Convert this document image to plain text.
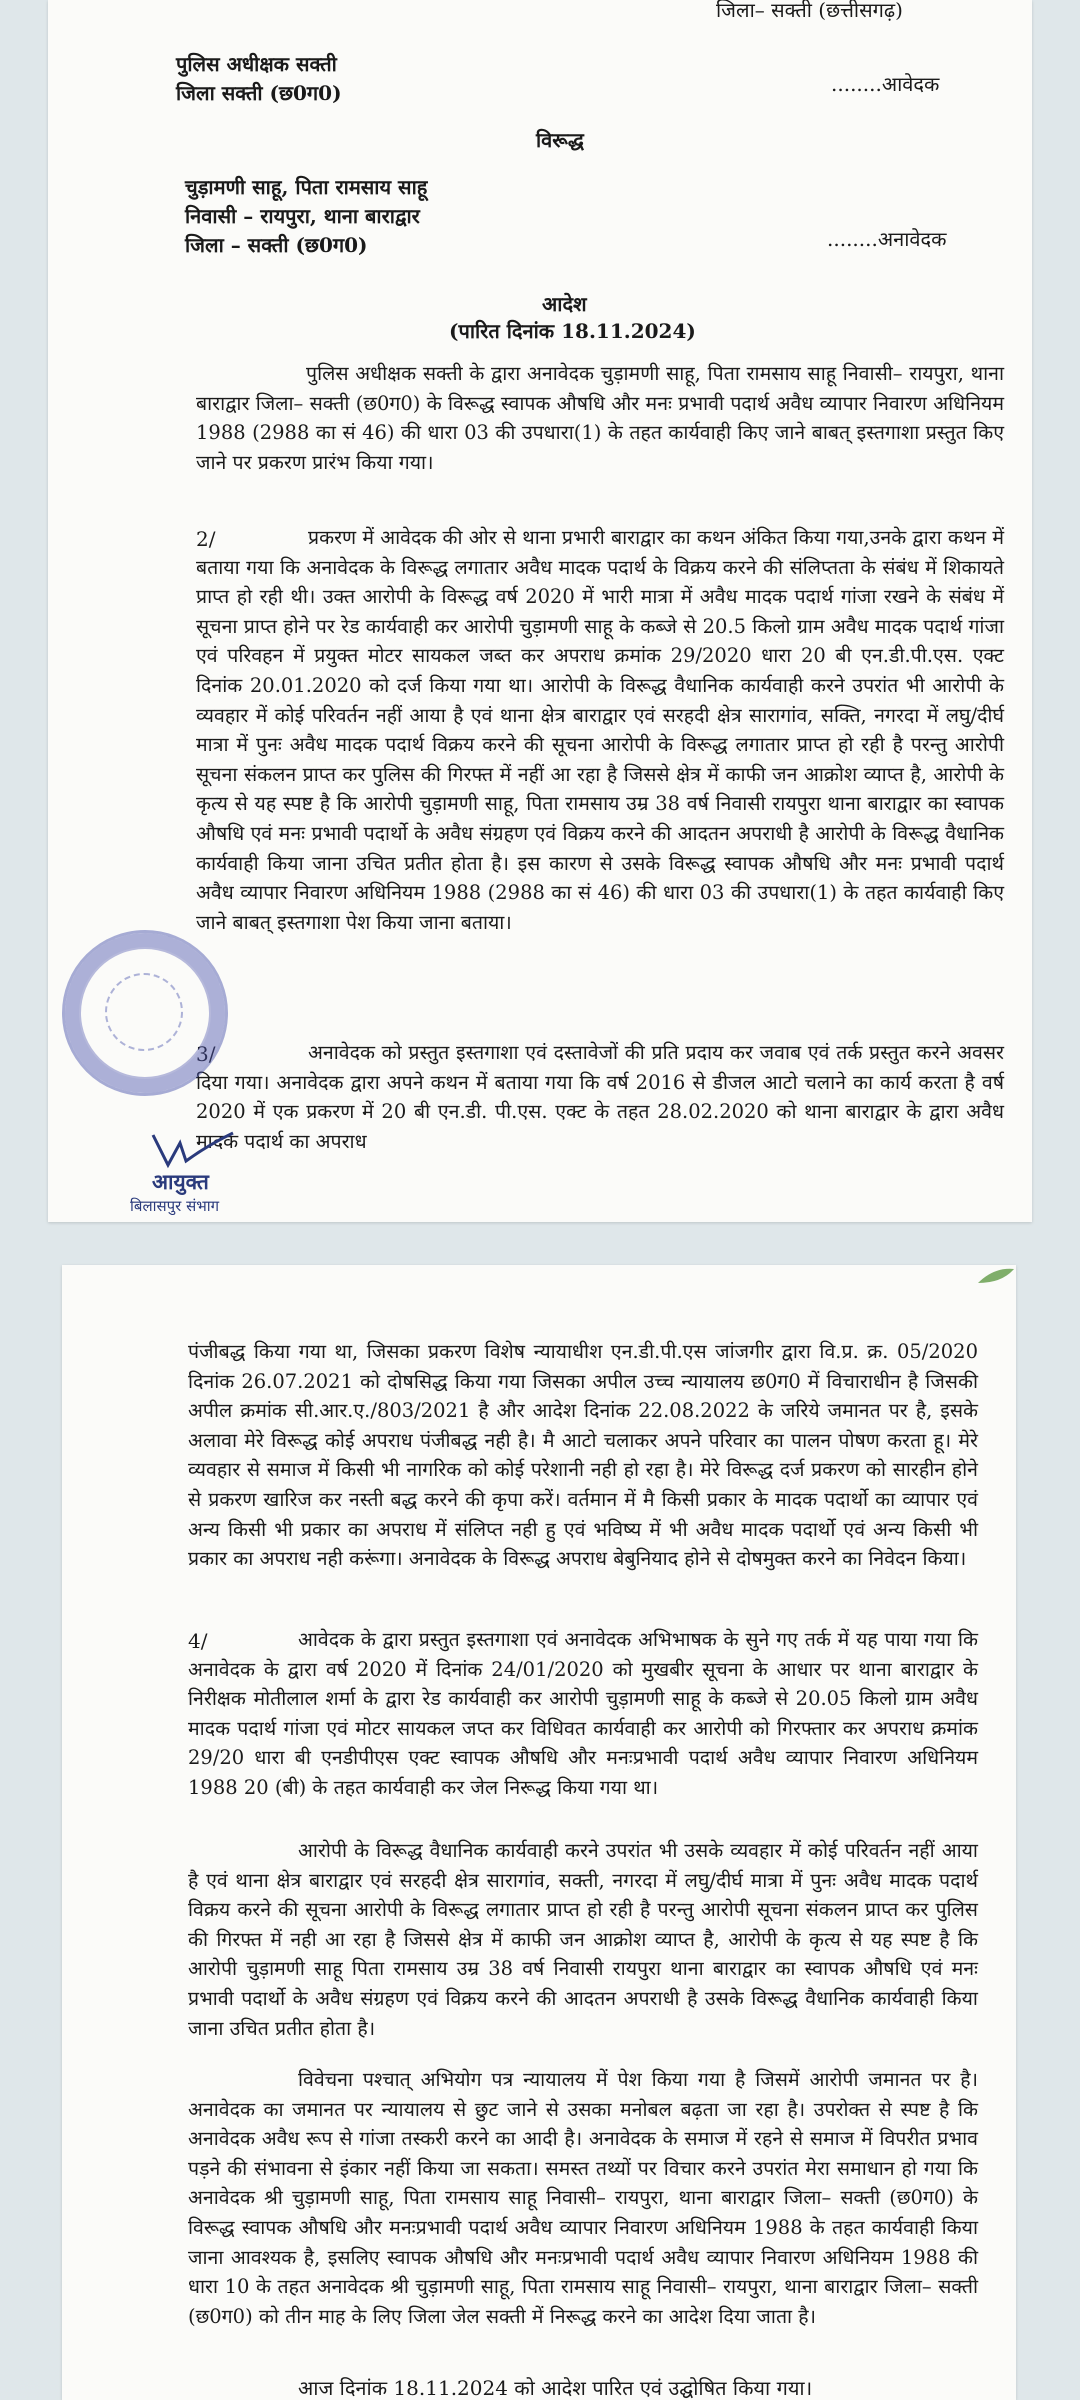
जिला– सक्ती (छत्तीसगढ़)
पुलिस अधीक्षक सक्ती
जिला सक्ती (छ0ग0)	........आवेदक
विरूद्ध
चुड़ामणी साहू, पिता रामसाय साहू
निवासी – रायपुरा, थाना बाराद्वार
जिला – सक्ती (छ0ग0)	........अनावेदक
आदेश
(पारित दिनांक 18.11.2024)

पुलिस अधीक्षक सक्ती के द्वारा अनावेदक चुड़ामणी साहू, पिता रामसाय साहू निवासी– रायपुरा, थाना बाराद्वार जिला– सक्ती (छ0ग0) के विरूद्ध स्वापक औषधि और मनः प्रभावी पदार्थ अवैध व्यापार निवारण अधिनियम 1988 (2988 का सं 46) की धारा 03 की उपधारा(1) के तहत कार्यवाही किए जाने बाबत् इस्तगाशा प्रस्तुत किए जाने पर प्रकरण प्रारंभ किया गया।

2/	प्रकरण में आवेदक की ओर से थाना प्रभारी बाराद्वार का कथन अंकित किया गया,उनके द्वारा कथन में बताया गया कि अनावेदक के विरूद्ध लगातार अवैध मादक पदार्थ के विक्रय करने की संलिप्तता के संबंध में शिकायते प्राप्त हो रही थी। उक्त आरोपी के विरूद्ध वर्ष 2020 में भारी मात्रा में अवैध मादक पदार्थ गांजा रखने के संबंध में सूचना प्राप्त होने पर रेड कार्यवाही कर आरोपी चुड़ामणी साहू के कब्जे से 20.5 किलो ग्राम अवैध मादक पदार्थ गांजा एवं परिवहन में प्रयुक्त मोटर सायकल जब्त कर अपराध क्रमांक 29/2020 धारा 20 बी एन.डी.पी.एस. एक्ट दिनांक 20.01.2020 को दर्ज किया गया था। आरोपी के विरूद्ध वैधानिक कार्यवाही करने उपरांत भी आरोपी के व्यवहार में कोई परिवर्तन नहीं आया है एवं थाना क्षेत्र बाराद्वार एवं सरहदी क्षेत्र सारागांव, सक्ति, नगरदा में लघु/दीर्घ मात्रा में पुनः अवैध मादक पदार्थ विक्रय करने की सूचना आरोपी के विरूद्ध लगातार प्राप्त हो रही है परन्तु आरोपी सूचना संकलन प्राप्त कर पुलिस की गिरफ्त में नहीं आ रहा है जिससे क्षेत्र में काफी जन आक्रोश व्याप्त है, आरोपी के कृत्य से यह स्पष्ट है कि आरोपी चुड़ामणी साहू, पिता रामसाय उम्र 38 वर्ष निवासी रायपुरा थाना बाराद्वार का स्वापक औषधि एवं मनः प्रभावी पदार्थो के अवैध संग्रहण एवं विक्रय करने की आदतन अपराधी है आरोपी के विरूद्ध वैधानिक कार्यवाही किया जाना उचित प्रतीत होता है। इस कारण से उसके विरूद्ध स्वापक औषधि और मनः प्रभावी पदार्थ अवैध व्यापार निवारण अधिनियम 1988 (2988 का सं 46) की धारा 03 की उपधारा(1) के तहत कार्यवाही किए जाने बाबत् इस्तगाशा पेश किया जाना बताया।

3/	अनावेदक को प्रस्तुत इस्तगाशा एवं दस्तावेजों की प्रति प्रदाय कर जवाब एवं तर्क प्रस्तुत करने अवसर दिया गया। अनावेदक द्वारा अपने कथन में बताया गया कि वर्ष 2016 से डीजल आटो चलाने का कार्य करता है वर्ष 2020 में एक प्रकरण में 20 बी एन.डी. पी.एस. एक्ट के तहत 28.02.2020 को थाना बाराद्वार के द्वारा अवैध मादक पदार्थ का अपराध

आयुक्त
बिलासपुर संभाग

पंजीबद्ध किया गया था, जिसका प्रकरण विशेष न्यायाधीश एन.डी.पी.एस जांजगीर द्वारा वि.प्र. क्र. 05/2020 दिनांक 26.07.2021 को दोषसिद्ध किया गया जिसका अपील उच्च न्यायालय छ0ग0 में विचाराधीन है जिसकी अपील क्रमांक सी.आर.ए./803/2021 है और आदेश दिनांक 22.08.2022 के जरिये जमानत पर है, इसके अलावा मेरे विरूद्ध कोई अपराध पंजीबद्ध नही है। मै आटो चलाकर अपने परिवार का पालन पोषण करता हू। मेरे व्यवहार से समाज में किसी भी नागरिक को कोई परेशानी नही हो रहा है। मेरे विरूद्ध दर्ज प्रकरण को सारहीन होने से प्रकरण खारिज कर नस्ती बद्ध करने की कृपा करें। वर्तमान में मै किसी प्रकार के मादक पदार्थो का व्यापार एवं अन्य किसी भी प्रकार का अपराध में संलिप्त नही हु एवं भविष्य में भी अवैध मादक पदार्थो एवं अन्य किसी भी प्रकार का अपराध नही करूंगा। अनावेदक के विरूद्ध अपराध बेबुनियाद होने से दोषमुक्त करने का निवेदन किया।

4/	आवेदक के द्वारा प्रस्तुत इस्तगाशा एवं अनावेदक अभिभाषक के सुने गए तर्क में यह पाया गया कि अनावेदक के द्वारा वर्ष 2020 में दिनांक 24/01/2020 को मुखबीर सूचना के आधार पर थाना बाराद्वार के निरीक्षक मोतीलाल शर्मा के द्वारा रेड कार्यवाही कर आरोपी चुड़ामणी साहू के कब्जे से 20.05 किलो ग्राम अवैध मादक पदार्थ गांजा एवं मोटर सायकल जप्त कर विधिवत कार्यवाही कर आरोपी को गिरफ्तार कर अपराध क्रमांक 29/20 धारा बी एनडीपीएस एक्ट स्वापक औषधि और मनःप्रभावी पदार्थ अवैध व्यापार निवारण अधिनियम 1988 20 (बी) के तहत कार्यवाही कर जेल निरूद्ध किया गया था।

आरोपी के विरूद्ध वैधानिक कार्यवाही करने उपरांत भी उसके व्यवहार में कोई परिवर्तन नहीं आया है एवं थाना क्षेत्र बाराद्वार एवं सरहदी क्षेत्र सारागांव, सक्ती, नगरदा में लघु/दीर्घ मात्रा में पुनः अवैध मादक पदार्थ विक्रय करने की सूचना आरोपी के विरूद्ध लगातार प्राप्त हो रही है परन्तु आरोपी सूचना संकलन प्राप्त कर पुलिस की गिरफ्त में नही आ रहा है जिससे क्षेत्र में काफी जन आक्रोश व्याप्त है, आरोपी के कृत्य से यह स्पष्ट है कि आरोपी चुड़ामणी साहू पिता रामसाय उम्र 38 वर्ष निवासी रायपुरा थाना बाराद्वार का स्वापक औषधि एवं मनः प्रभावी पदार्थो के अवैध संग्रहण एवं विक्रय करने की आदतन अपराधी है उसके विरूद्ध वैधानिक कार्यवाही किया जाना उचित प्रतीत होता है।

विवेचना पश्चात् अभियोग पत्र न्यायालय में पेश किया गया है जिसमें आरोपी जमानत पर है। अनावेदक का जमानत पर न्यायालय से छुट जाने से उसका मनोबल बढ़ता जा रहा है। उपरोक्त से स्पष्ट है कि अनावेदक अवैध रूप से गांजा तस्करी करने का आदी है। अनावेदक के समाज में रहने से समाज में विपरीत प्रभाव पड़ने की संभावना से इंकार नहीं किया जा सकता। समस्त तथ्यों पर विचार करने उपरांत मेरा समाधान हो गया कि अनावेदक श्री चुड़ामणी साहू, पिता रामसाय साहू निवासी– रायपुरा, थाना बाराद्वार जिला– सक्ती (छ0ग0) के विरूद्ध स्वापक औषधि और मनःप्रभावी पदार्थ अवैध व्यापार निवारण अधिनियम 1988 के तहत कार्यवाही किया जाना आवश्यक है, इसलिए स्वापक औषधि और मनःप्रभावी पदार्थ अवैध व्यापार निवारण अधिनियम 1988 की धारा 10 के तहत अनावेदक श्री चुड़ामणी साहू, पिता रामसाय साहू निवासी– रायपुरा, थाना बाराद्वार जिला– सक्ती (छ0ग0) को तीन माह के लिए जिला जेल सक्ती में निरूद्ध करने का आदेश दिया जाता है।

आज दिनांक 18.11.2024 को आदेश पारित एवं उद्घोषित किया गया।
